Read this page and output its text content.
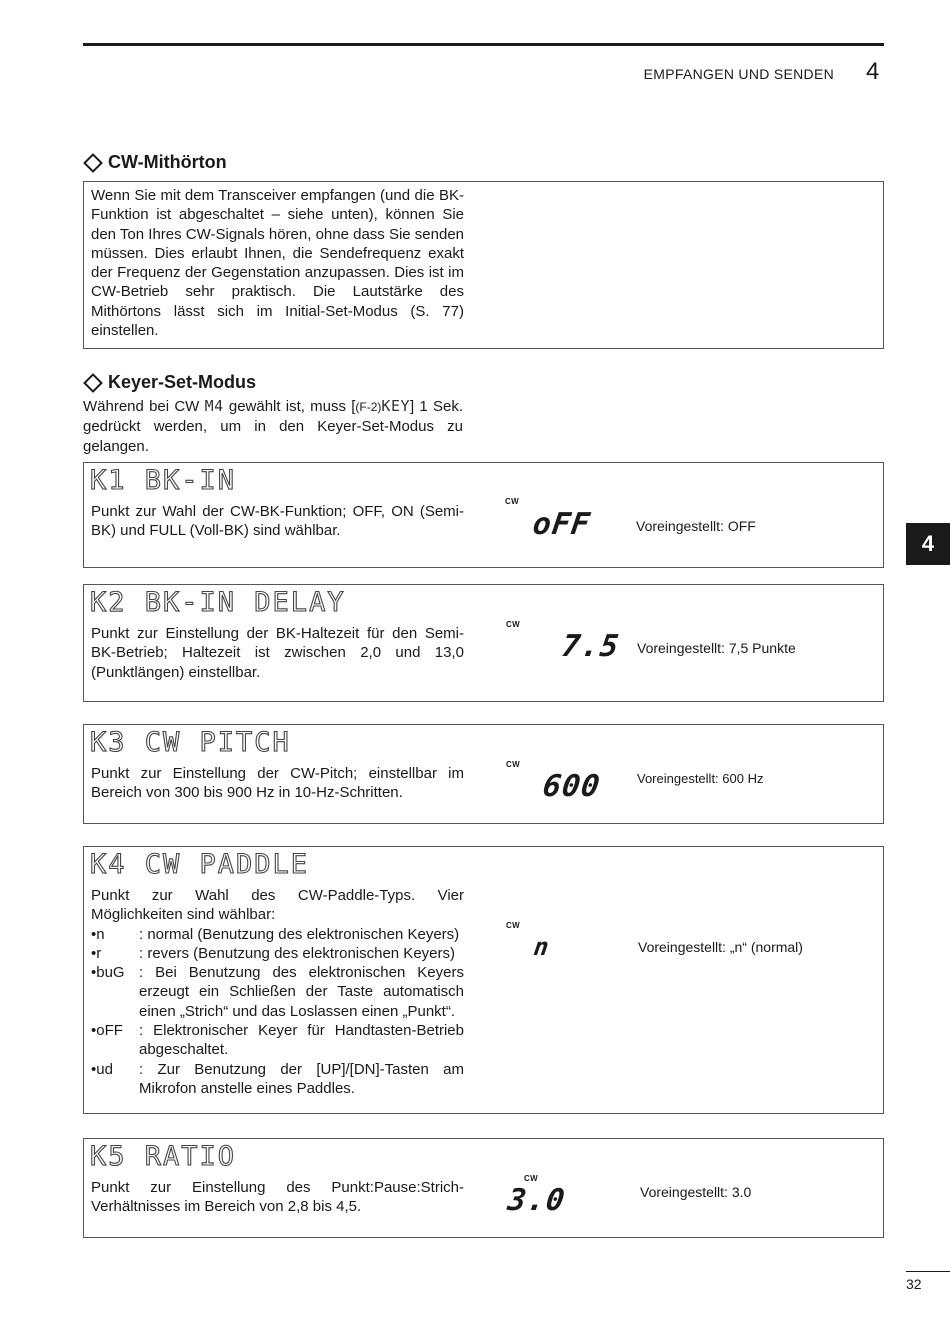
EMPFANGEN UND SENDEN 4
4
CW-Mithörton
Wenn Sie mit dem Transceiver empfangen (und die BK-Funktion ist abgeschaltet – siehe unten), können Sie den Ton Ihres CW-Signals hören, ohne dass Sie senden müssen. Dies erlaubt Ihnen, die Sendefrequenz exakt der Frequenz der Gegenstation anzupassen. Dies ist im CW-Betrieb sehr praktisch. Die Lautstärke des Mithörtons lässt sich im Initial-Set-Modus (S. 77) einstellen.
Keyer-Set-Modus
Während bei CW M4 gewählt ist, muss [(F-2)KEY] 1 Sek. gedrückt werden, um in den Keyer-Set-Modus zu gelangen.
K1 BK-IN
Punkt zur Wahl der CW-BK-Funktion; OFF, ON (Semi-BK) und FULL (Voll-BK) sind wählbar.
CW
oFF	Voreingestellt: OFF
K2 BK-IN DELAY
Punkt zur Einstellung der BK-Haltezeit für den Semi-BK-Betrieb; Haltezeit ist zwischen 2,0 und 13,0 (Punktlängen) einstellbar.
CW
7.5 Voreingestellt: 7,5 Punkte
K3 CW PITCH
Punkt zur Einstellung der CW-Pitch; einstellbar im Bereich von 300 bis 900 Hz in 10-Hz-Schritten.
CW
600	Voreingestellt: 600 Hz
K4 CW PADDLE
Punkt zur Wahl des CW-Paddle-Typs. Vier Möglichkeiten sind wählbar:
•n	: normal (Benutzung des elektronischen Keyers)
•r	: revers (Benutzung des elektronischen Keyers)
•buG : Bei Benutzung des elektronischen Keyers erzeugt ein Schließen der Taste automatisch einen „Strich“ und das Loslassen einen „Punkt“.
•oFF	: Elektronischer Keyer für Handtasten-Betrieb abgeschaltet.
•ud	: Zur Benutzung der [UP]/[DN]-Tasten am Mikrofon anstelle eines Paddles.
CW
n	Voreingestellt: „n“ (normal)
K5 RATIO
Punkt zur Einstellung des Punkt:Pause:Strich-Verhältnisses im Bereich von 2,8 bis 4,5.
CW
3.0	Voreingestellt: 3.0
32
